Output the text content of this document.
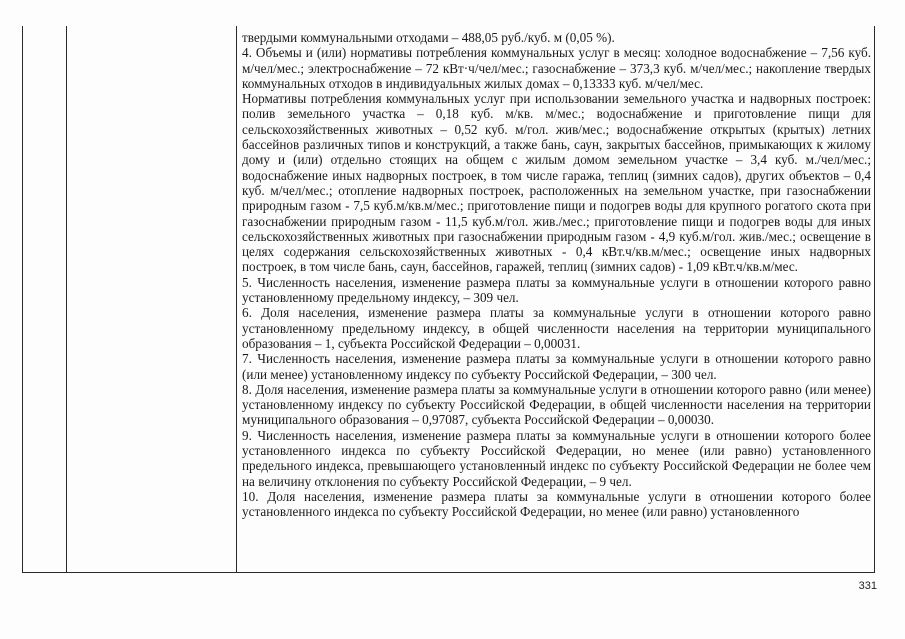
твердыми коммунальными отходами – 488,05 руб./куб. м (0,05 %).

4. Объемы и (или) нормативы потребления коммунальных услуг в месяц: холодное водоснабжение – 7,56 куб. м/чел/мес.; электроснабжение – 72 кВт·ч/чел/мес.; газоснабжение – 373,3 куб. м/чел/мес.; накопление твердых коммунальных отходов в индивидуальных жилых домах – 0,13333 куб. м/чел/мес.

Нормативы потребления коммунальных услуг при использовании земельного участка и надворных построек: полив земельного участка – 0,18 куб. м/кв. м/мес.; водоснабжение и приготовление пищи для сельскохозяйственных животных – 0,52 куб. м/гол. жив/мес.; водоснабжение открытых (крытых) летних бассейнов различных типов и конструкций, а также бань, саун, закрытых бассейнов, примыкающих к жилому дому и (или) отдельно стоящих на общем с жилым домом земельном участке – 3,4 куб. м./чел/мес.; водоснабжение иных надворных построек, в том числе гаража, теплиц (зимних садов), других объектов – 0,4 куб. м/чел/мес.; отопление надворных построек, расположенных на земельном участке, при газоснабжении природным газом - 7,5 куб.м/кв.м/мес.; приготовление пищи и подогрев воды для крупного рогатого скота при газоснабжении природным газом - 11,5 куб.м/гол. жив./мес.; приготовление пищи и подогрев воды для иных сельскохозяйственных животных при газоснабжении природным газом - 4,9 куб.м/гол. жив./мес.; освещение в целях содержания сельскохозяйственных животных - 0,4 кВт.ч/кв.м/мес.; освещение иных надворных построек, в том числе бань, саун, бассейнов, гаражей, теплиц (зимних садов) - 1,09 кВт.ч/кв.м/мес.

5. Численность населения, изменение размера платы за коммунальные услуги в отношении которого равно установленному предельному индексу, – 309 чел.

6. Доля населения, изменение размера платы за коммунальные услуги в отношении которого равно установленному предельному индексу, в общей численности населения на территории муниципального образования – 1, субъекта Российской Федерации – 0,00031.

7. Численность населения, изменение размера платы за коммунальные услуги в отношении которого равно (или менее) установленному индексу по субъекту Российской Федерации, – 300 чел.

8. Доля населения, изменение размера платы за коммунальные услуги в отношении которого равно (или менее) установленному индексу по субъекту Российской Федерации, в общей численности населения на территории муниципального образования – 0,97087, субъекта Российской Федерации – 0,00030.

9. Численность населения, изменение размера платы за коммунальные услуги в отношении которого более установленного индекса по субъекту Российской Федерации, но менее (или равно) установленного предельного индекса, превышающего установленный индекс по субъекту Российской Федерации не более чем на величину отклонения по субъекту Российской Федерации, – 9 чел.

10. Доля населения, изменение размера платы за коммунальные услуги в отношении которого более установленного индекса по субъекту Российской Федерации, но менее (или равно) установленного

331
